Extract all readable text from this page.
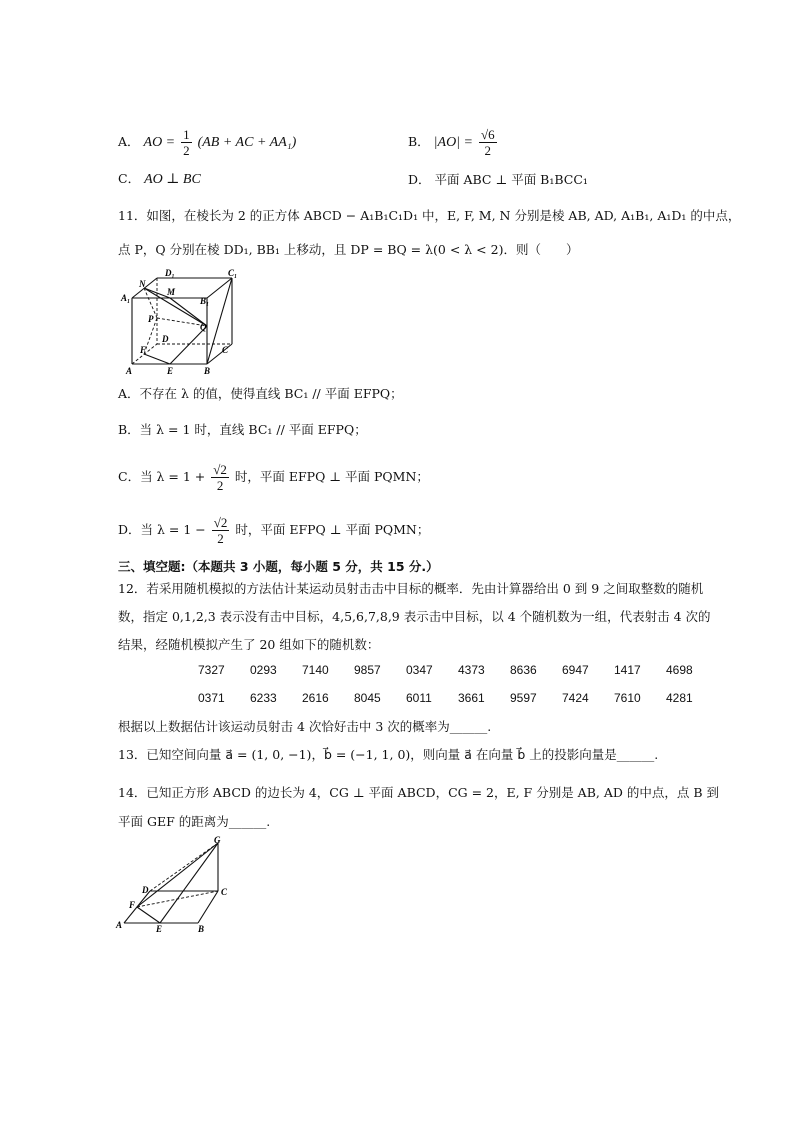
A． AO = $\frac{1}{2} (AB$ + AC + AA₁)	B． $|AO| = \frac{√6}{2}$
C． AO ⊥ BC	D． 平面 ABC ⊥ 平面 B₁BCC₁
11．如图，在棱长为 2 的正方体 ABCD − A₁B₁C₁D₁ 中，E, F, M, N 分别是棱 AB, AD, A₁B₁, A₁D₁ 的中点，
点 P，Q 分别在棱 DD₁, BB₁ 上移动，且 DP = BQ = λ(0 < λ < 2)．则（　　）
D₁	C₁
A₁
N
M
B₁
P
Q
D
F	C
A	E	B
A．不存在 λ 的值，使得直线 BC₁ // 平面 EFPQ；
B．当 λ = 1 时，直线 BC₁ // 平面 EFPQ；
C．当 $\lambda = 1 + \frac{√2}{2}$ 时，平面 EFPQ ⊥ 平面 PQMN；
D．当 $\lambda = 1 - \frac{√2}{2}$ 时，平面 EFPQ ⊥ 平面 PQMN；
三、填空题:（本题共 3 小题，每小题 5 分，共 15 分.）
12．若采用随机模拟的方法估计某运动员射击击中目标的概率．先由计算器给出 0 到 9 之间取整数的随机
数，指定 0,1,2,3 表示没有击中目标，4,5,6,7,8,9 表示击中目标，以 4 个随机数为一组，代表射击 4 次的
结果，经随机模拟产生了 20 组如下的随机数：
7327	0293	7140	9857	0347	4373	8636	6947	1417	4698
0371	6233	2616	8045	6011	3661	9597	7424	7610	4281
根据以上数据估计该运动员射击 4 次恰好击中 3 次的概率为______.
13．已知空间向量 a⃗ = (1, 0, −1)，b⃗ = (−1, 1, 0)，则向量 a⃗ 在向量 b⃗ 上的投影向量是______.
14．已知正方形 ABCD 的边长为 4，CG ⊥ 平面 ABCD，CG = 2，E, F 分别是 AB, AD 的中点，点 B 到
平面 GEF 的距离为______.
G
D	C
F
A	E	B
